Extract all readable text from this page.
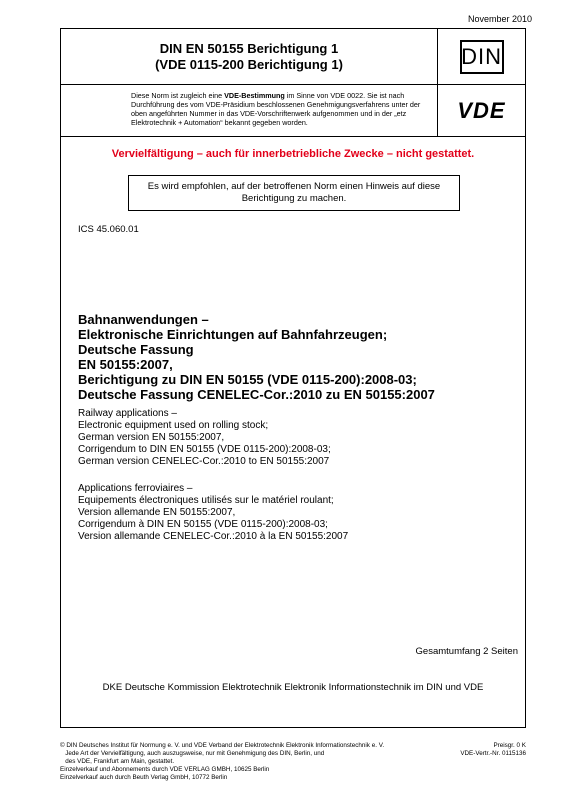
November 2010
DIN EN 50155 Berichtigung 1
(VDE 0115-200 Berichtigung 1)	DIN
Diese Norm ist zugleich eine VDE-Bestimmung im Sinne von VDE 0022. Sie ist nach Durchführung des vom VDE-Präsidium beschlossenen Genehmigungsverfahrens unter der oben angeführten Nummer in das VDE-Vorschriftenwerk aufgenommen und in der „etz Elektrotechnik + Automation“ bekannt gegeben worden.	VDE
Vervielfältigung – auch für innerbetriebliche Zwecke – nicht gestattet.
Es wird empfohlen, auf der betroffenen Norm einen Hinweis auf diese Berichtigung zu machen.
ICS 45.060.01
Bahnanwendungen –
Elektronische Einrichtungen auf Bahnfahrzeugen;
Deutsche Fassung
EN 50155:2007,
Berichtigung zu DIN EN 50155 (VDE 0115-200):2008-03;
Deutsche Fassung CENELEC-Cor.:2010 zu EN 50155:2007
Railway applications –
Electronic equipment used on rolling stock;
German version EN 50155:2007,
Corrigendum to DIN EN 50155 (VDE 0115-200):2008-03;
German version CENELEC-Cor.:2010 to EN 50155:2007
Applications ferroviaires –
Equipements électroniques utilisés sur le matériel roulant;
Version allemande EN 50155:2007,
Corrigendum à DIN EN 50155 (VDE 0115-200):2008-03;
Version allemande CENELEC-Cor.:2010 à la EN 50155:2007
Gesamtumfang 2 Seiten
DKE Deutsche Kommission Elektrotechnik Elektronik Informationstechnik im DIN und VDE
© DIN Deutsches Institut für Normung e. V. und VDE Verband der Elektrotechnik Elektronik Informationstechnik e. V.
Jede Art der Vervielfältigung, auch auszugsweise, nur mit Genehmigung des DIN, Berlin, und
des VDE, Frankfurt am Main, gestattet.
Einzelverkauf und Abonnements durch VDE VERLAG GMBH, 10625 Berlin
Einzelverkauf auch durch Beuth Verlag GmbH, 10772 Berlin
Preisgr. 0 K
VDE-Vertr.-Nr. 0115136
